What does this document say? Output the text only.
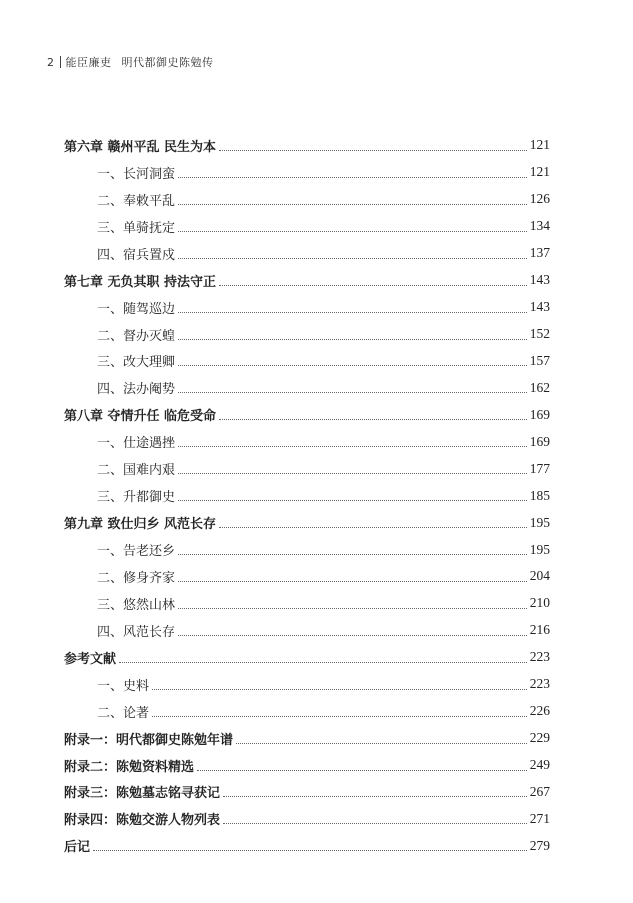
2 能臣廉吏 明代都御史陈勉传
第六章 赣州平乱 民生为本	121
一、长河洞蛮	121
二、奉敕平乱	126
三、单骑抚定	134
四、宿兵置戍	137
第七章 无负其职 持法守正	143
一、随驾巡边	143
二、督办灭蝗	152
三、改大理卿	157
四、法办阉势	162
第八章 夺情升任 临危受命	169
一、仕途遇挫	169
二、国难内艰	177
三、升都御史	185
第九章 致仕归乡 风范长存	195
一、告老还乡	195
二、修身齐家	204
三、悠然山林	210
四、风范长存	216
参考文献	223
一、史料	223
二、论著	226
附录一：明代都御史陈勉年谱	229
附录二：陈勉资料精选	249
附录三：陈勉墓志铭寻获记	267
附录四：陈勉交游人物列表	271
后记	279
